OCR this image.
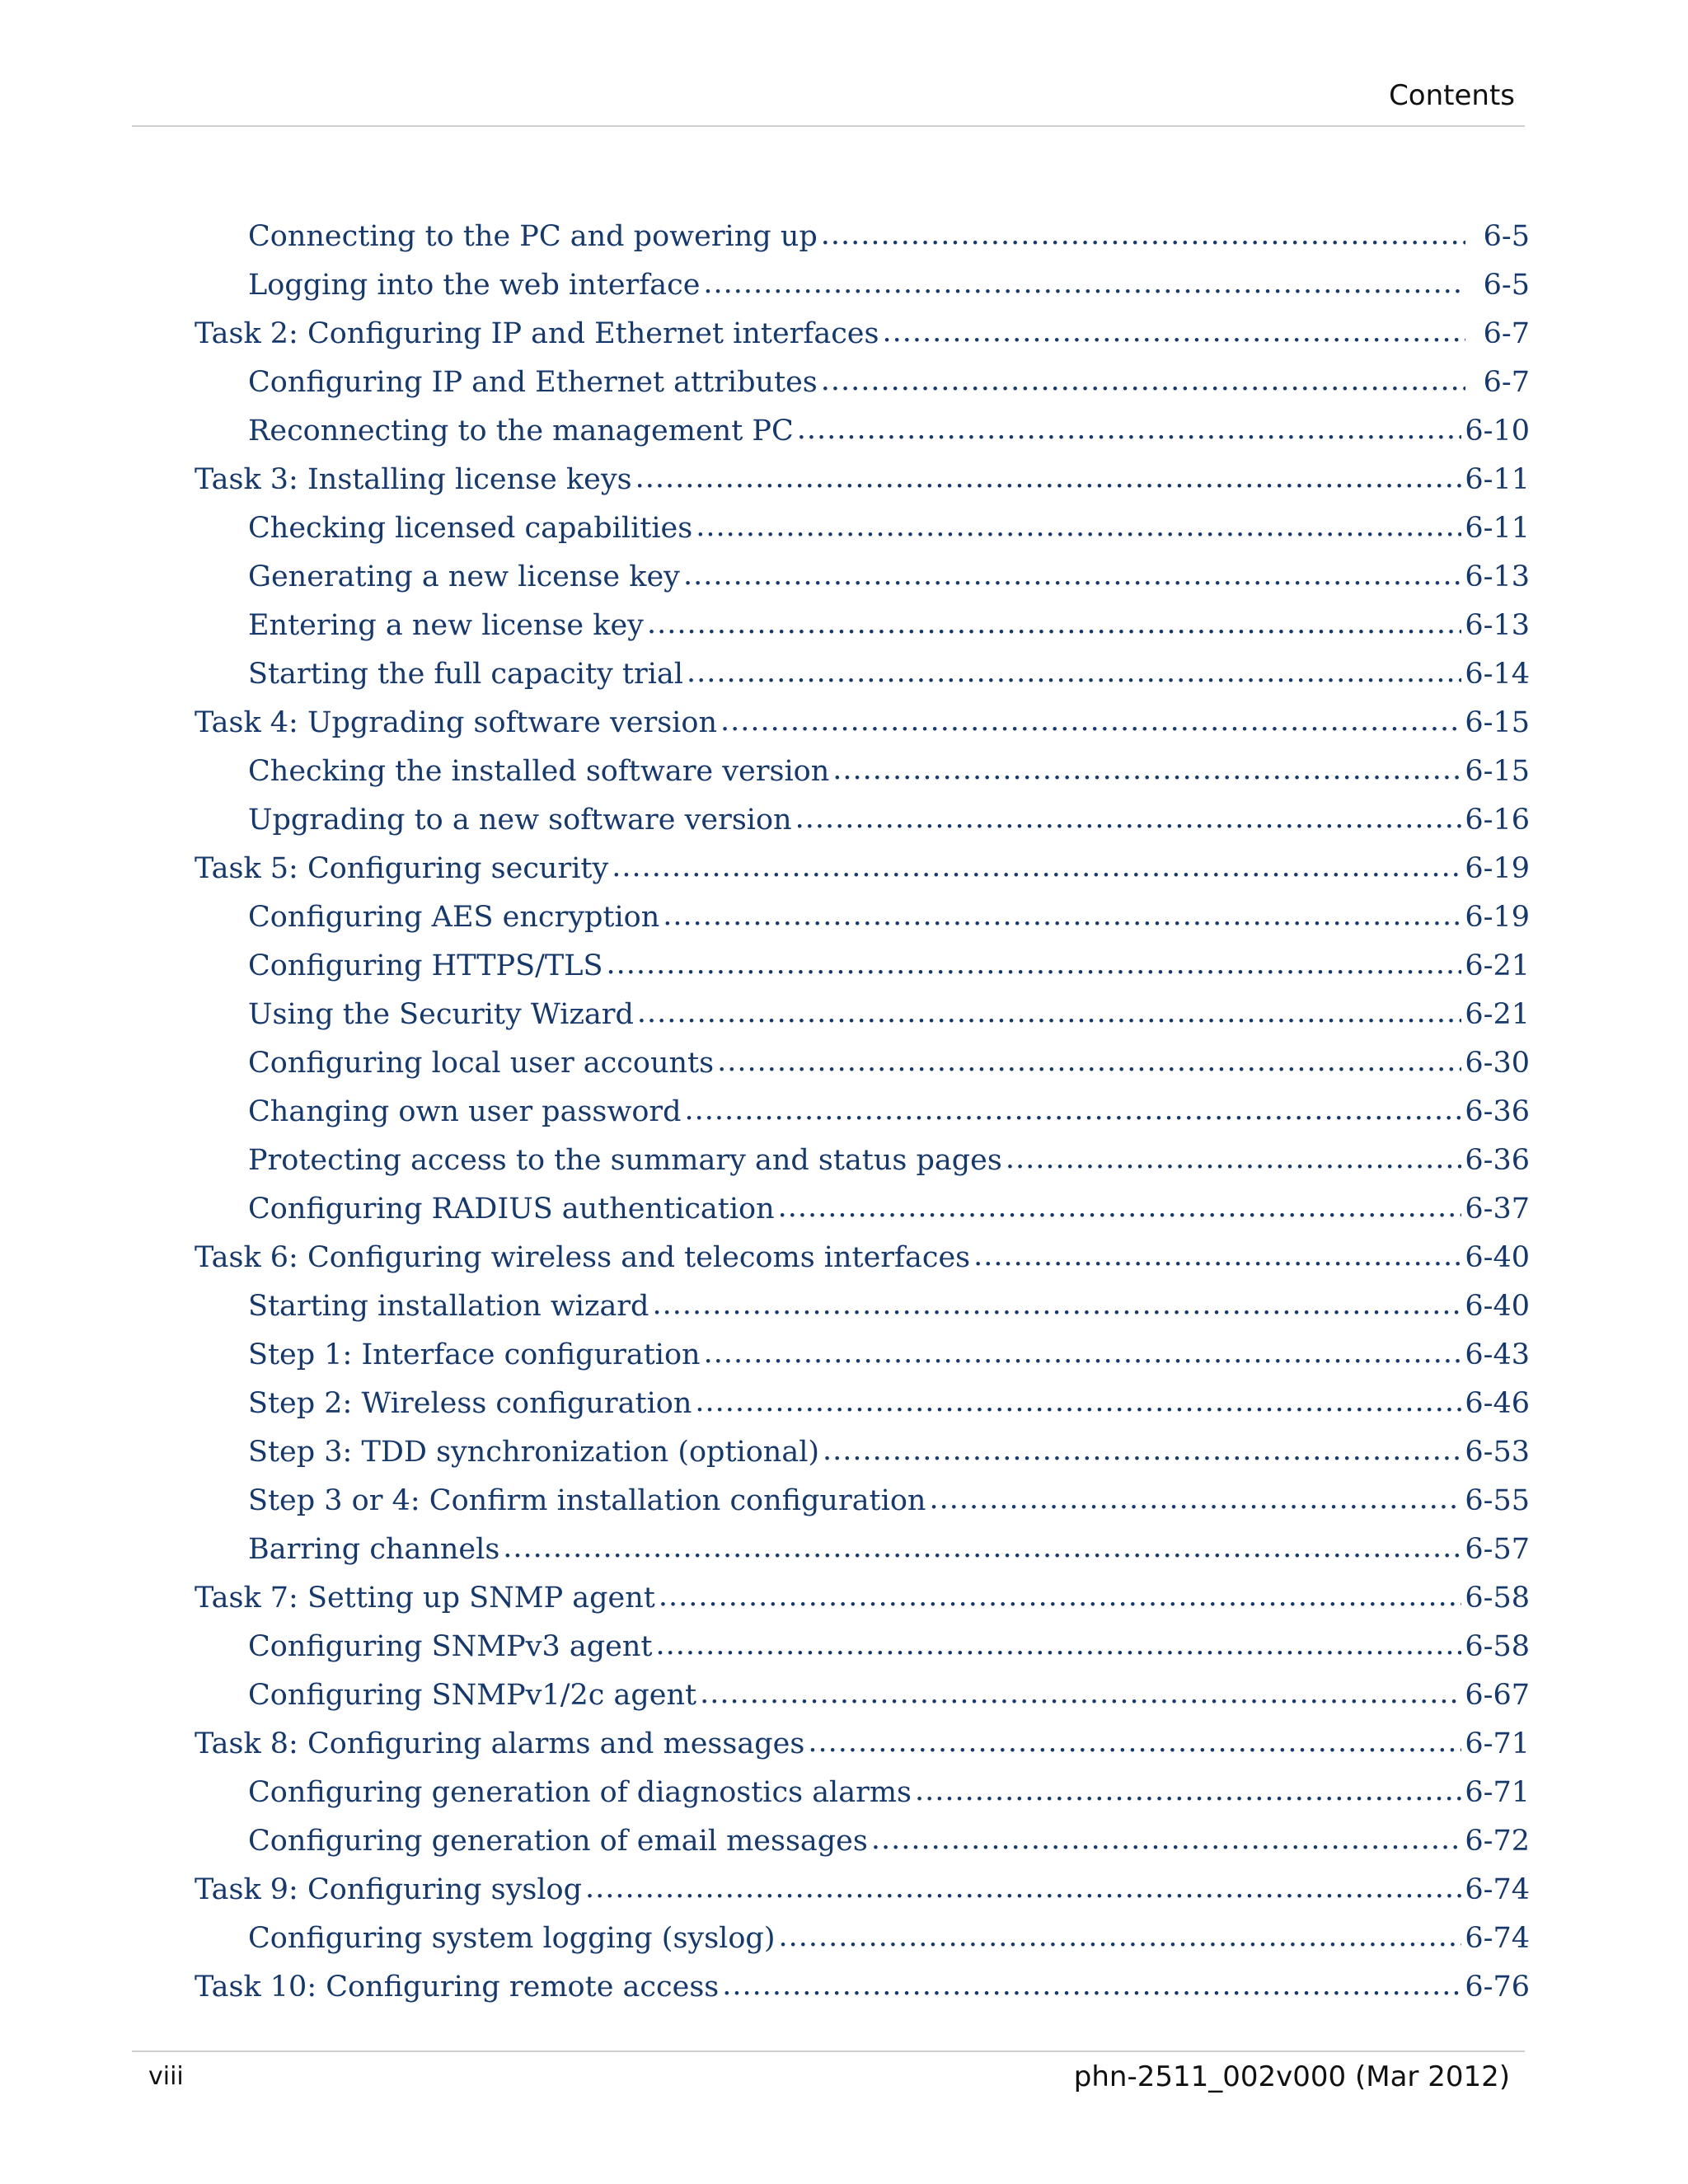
Contents
Connecting to the PC and powering up .....	6-5
Logging into the web interface .....	6-5
Task 2: Configuring IP and Ethernet interfaces .....	6-7
Configuring IP and Ethernet attributes .....	6-7
Reconnecting to the management PC .....	6-10
Task 3: Installing license keys .....	6-11
Checking licensed capabilities .....	6-11
Generating a new license key .....	6-13
Entering a new license key .....	6-13
Starting the full capacity trial .....	6-14
Task 4: Upgrading software version .....	6-15
Checking the installed software version .....	6-15
Upgrading to a new software version .....	6-16
Task 5: Configuring security .....	6-19
Configuring AES encryption .....	6-19
Configuring HTTPS/TLS .....	6-21
Using the Security Wizard .....	6-21
Configuring local user accounts .....	6-30
Changing own user password .....	6-36
Protecting access to the summary and status pages .....	6-36
Configuring RADIUS authentication .....	6-37
Task 6: Configuring wireless and telecoms interfaces .....	6-40
Starting installation wizard .....	6-40
Step 1: Interface configuration .....	6-43
Step 2: Wireless configuration .....	6-46
Step 3: TDD synchronization (optional) .....	6-53
Step 3 or 4: Confirm installation configuration .....	6-55
Barring channels .....	6-57
Task 7: Setting up SNMP agent .....	6-58
Configuring SNMPv3 agent .....	6-58
Configuring SNMPv1/2c agent .....	6-67
Task 8: Configuring alarms and messages .....	6-71
Configuring generation of diagnostics alarms .....	6-71
Configuring generation of email messages .....	6-72
Task 9: Configuring syslog .....	6-74
Configuring system logging (syslog) .....	6-74
Task 10: Configuring remote access .....	6-76
viii	phn-2511_002v000 (Mar 2012)
